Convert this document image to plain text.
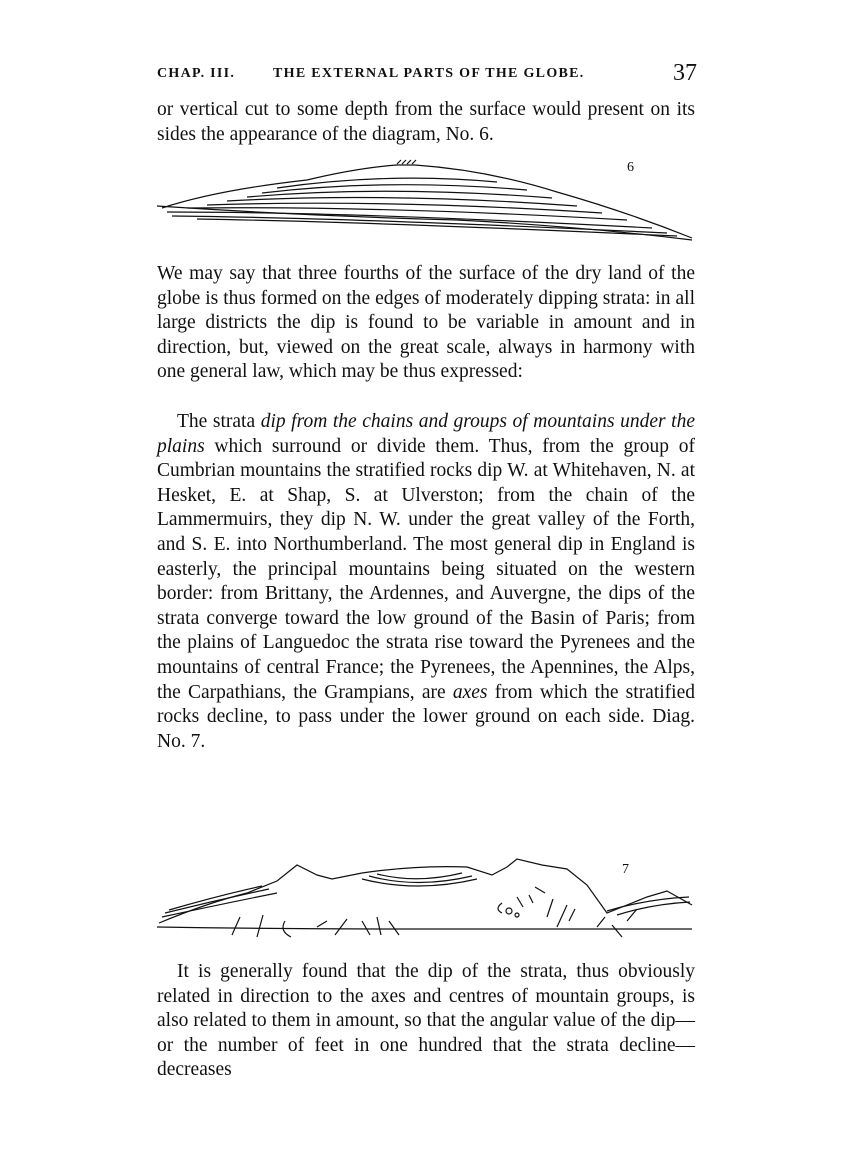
CHAP. III.	THE EXTERNAL PARTS OF THE GLOBE.	37

or vertical cut to some depth from the surface would present on its sides the appearance of the diagram, No. 6.

6

We may say that three fourths of the surface of the dry land of the globe is thus formed on the edges of moderately dipping strata: in all large districts the dip is found to be variable in amount and in direction, but, viewed on the great scale, always in harmony with one general law, which may be thus expressed:

The strata dip from the chains and groups of mountains under the plains which surround or divide them. Thus, from the group of Cumbrian mountains the stratified rocks dip W. at Whitehaven, N. at Hesket, E. at Shap, S. at Ulverston; from the chain of the Lammermuirs, they dip N. W. under the great valley of the Forth, and S. E. into Northumberland. The most general dip in England is easterly, the principal mountains being situated on the western border: from Brittany, the Ardennes, and Auvergne, the dips of the strata converge toward the low ground of the Basin of Paris; from the plains of Languedoc the strata rise toward the Pyrenees and the mountains of central France; the Pyrenees, the Apennines, the Alps, the Carpathians, the Grampians, are axes from which the stratified rocks decline, to pass under the lower ground on each side. Diag. No. 7.

7

It is generally found that the dip of the strata, thus obviously related in direction to the axes and centres of mountain groups, is also related to them in amount, so that the angular value of the dip—or the number of feet in one hundred that the strata decline—decreases
